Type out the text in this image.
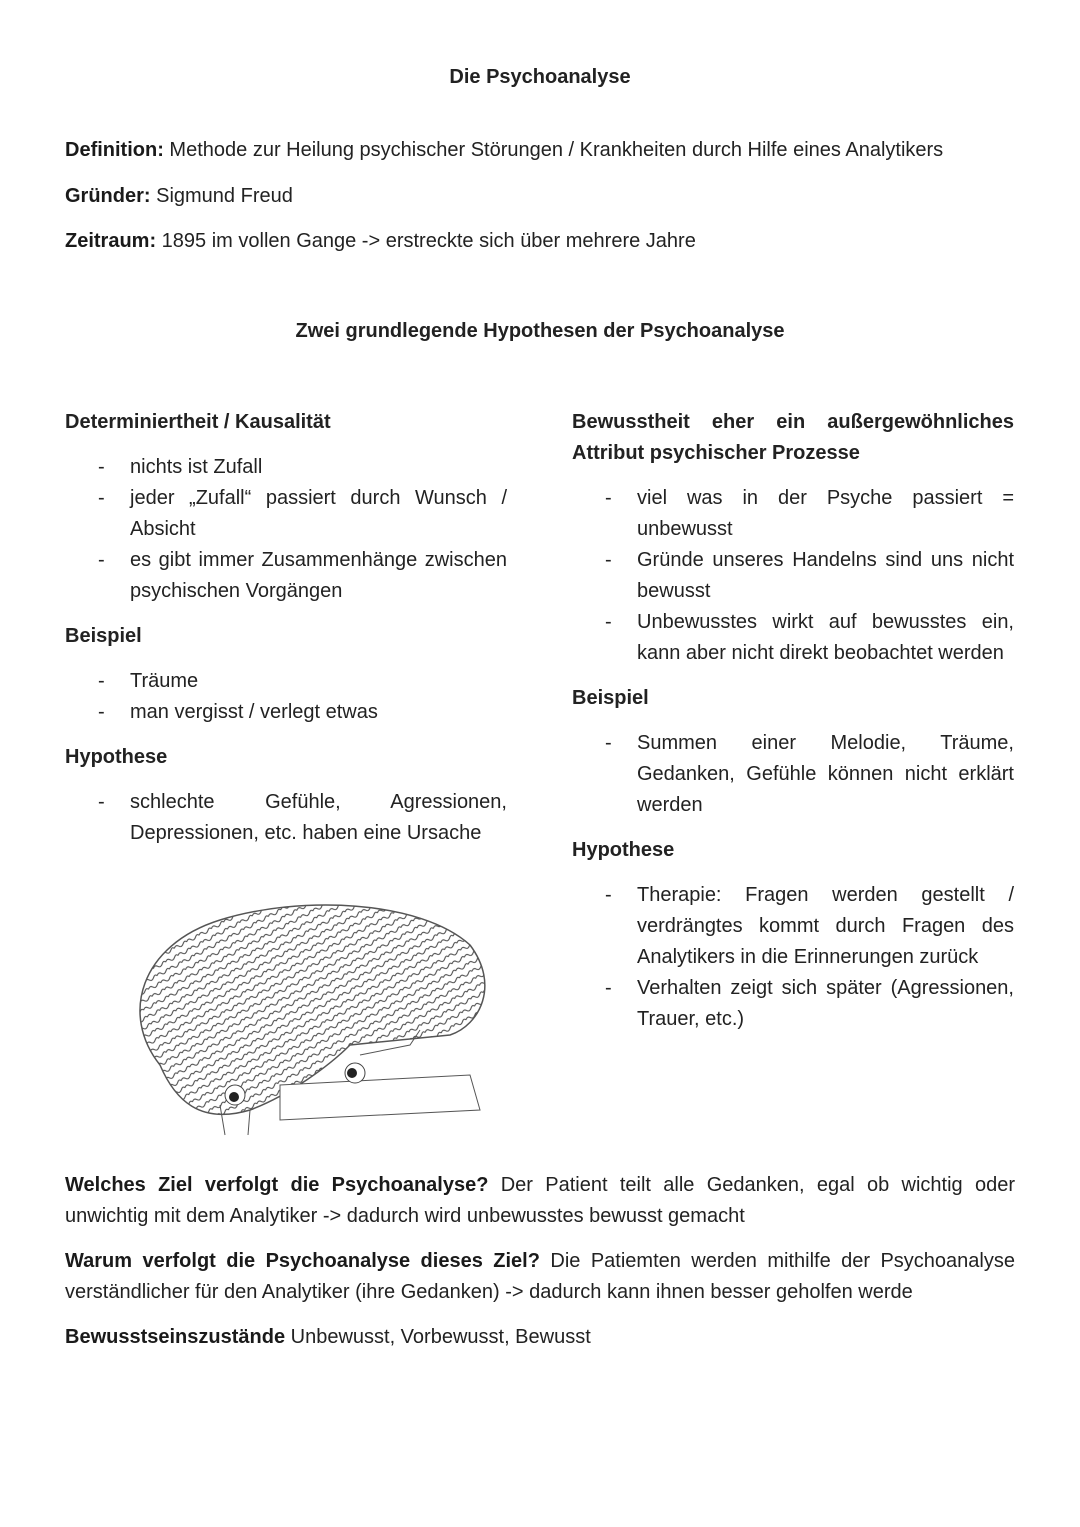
Die Psychoanalyse
Definition: Methode zur Heilung psychischer Störungen / Krankheiten durch Hilfe eines Analytikers
Gründer: Sigmund Freud
Zeitraum: 1895 im vollen Gange -> erstreckte sich über mehrere Jahre
Zwei grundlegende Hypothesen der Psychoanalyse
Determiniertheit / Kausalität
- nichts ist Zufall
- jeder „Zufall“ passiert durch Wunsch / Absicht
- es gibt immer Zusammenhänge zwischen psychischen Vorgängen
Beispiel
- Träume
- man vergisst / verlegt etwas
Hypothese
- schlechte Gefühle, Agressionen, Depressionen, etc. haben eine Ursache
Bewusstheit eher ein außergewöhnliches Attribut psychischer Prozesse
- viel was in der Psyche passiert = unbewusst
- Gründe unseres Handelns sind uns nicht bewusst
- Unbewusstes wirkt auf bewusstes ein, kann aber nicht direkt beobachtet werden
Beispiel
- Summen einer Melodie, Träume, Gedanken, Gefühle können nicht erklärt werden
Hypothese
- Therapie: Fragen werden gestellt / verdrängtes kommt durch Fragen des Analytikers in die Erinnerungen zurück
- Verhalten zeigt sich später (Agressionen, Trauer, etc.)
Welches Ziel verfolgt die Psychoanalyse? Der Patient teilt alle Gedanken, egal ob wichtig oder unwichtig mit dem Analytiker -> dadurch wird unbewusstes bewusst gemacht
Warum verfolgt die Psychoanalyse dieses Ziel? Die Patiemten werden mithilfe der Psychoanalyse verständlicher für den Analytiker (ihre Gedanken) -> dadurch kann ihnen besser geholfen werde
Bewusstseinszustände Unbewusst, Vorbewusst, Bewusst
